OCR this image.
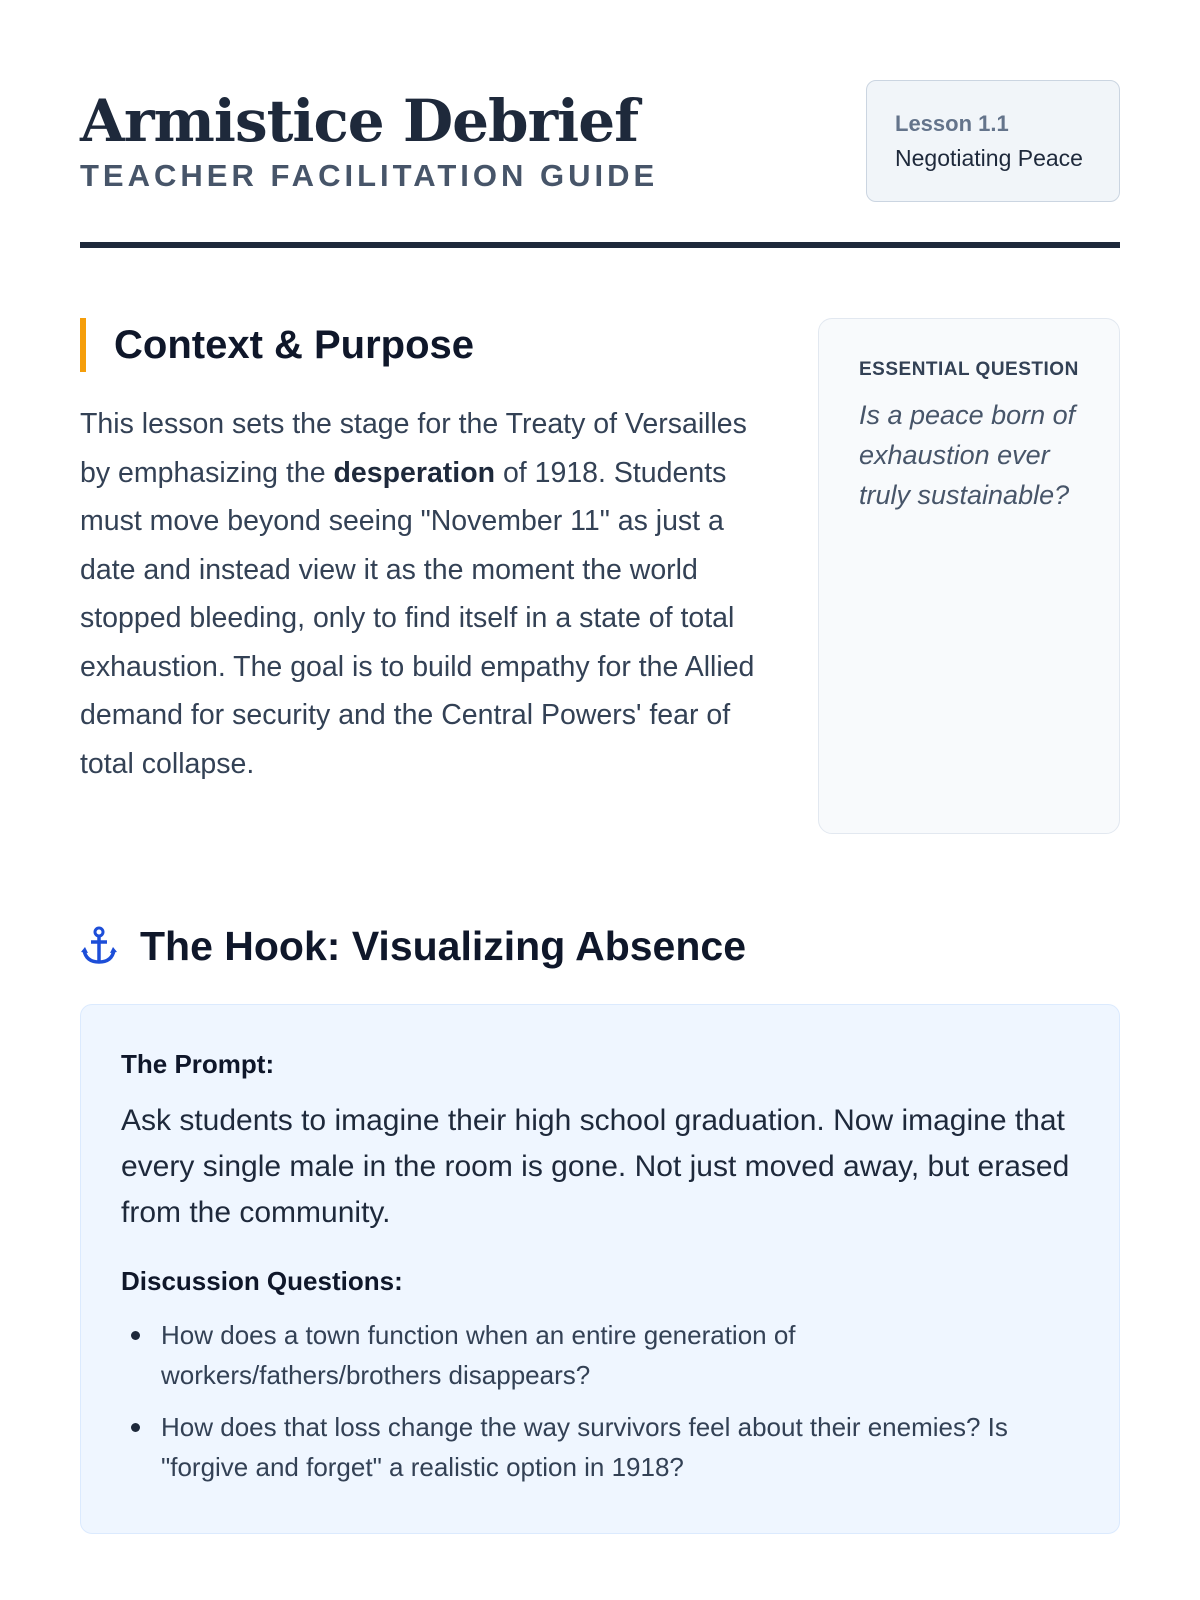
Armistice Debrief
TEACHER FACILITATION GUIDE
Lesson 1.1
Negotiating Peace
Context & Purpose

This lesson sets the stage for the Treaty of Versailles by emphasizing the desperation of 1918. Students must move beyond seeing "November 11" as just a date and instead view it as the moment the world stopped bleeding, only to find itself in a state of total exhaustion. The goal is to build empathy for the Allied demand for security and the Central Powers' fear of total collapse.

ESSENTIAL QUESTION

Is a peace born of exhaustion ever truly sustainable?

The Hook: Visualizing Absence
The Prompt:

Ask students to imagine their high school graduation. Now imagine that every single male in the room is gone. Not just moved away, but erased from the community.

Discussion Questions:
How does a town function when an entire generation of workers/fathers/brothers disappears?
How does that loss change the way survivors feel about their enemies? Is "forgive and forget" a realistic option in 1918?
